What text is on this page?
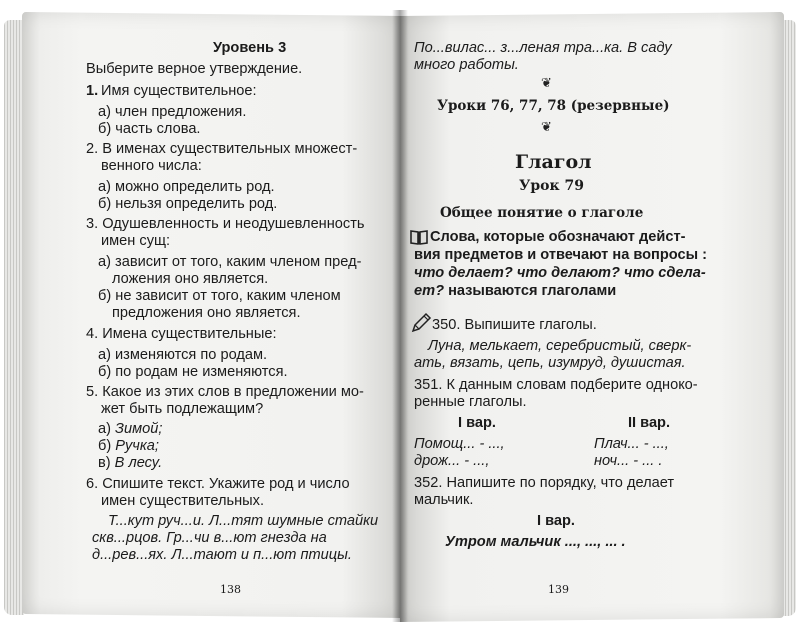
Уровень 3
Выберите верное утверждение.
1. Имя существительное:
а) член предложения.
б) часть слова.
2. В именах существительных множест-
венного числа:
а) можно определить род.
б) нельзя определить род.
3. Одушевленность и неодушевленность
имен сущ:
а) зависит от того, каким членом пред-
ложения оно является.
б) не зависит от того, каким членом
предложения оно является.
4. Имена существительные:
а) изменяются по родам.
б) по родам не изменяются.
5. Какое из этих слов в предложении мо-
жет быть подлежащим?
а) Зимой;
б) Ручка;
в) В лесу.
6. Спишите текст. Укажите род и число
имен существительных.
Т...кут руч...и. Л...тят шумные стайки
скв...рцов. Гр...чи в...ют гнезда на
д...рев...ях. Л...тают и п...ют птицы.
138
По...вилас... з...леная тра...ка. В саду
много работы.
❦
Уроки 76, 77, 78 (резервные)
❦
Глагол
Урок 79
Общее понятие о глаголе
Слова, которые обозначают дейст-
вия предметов и отвечают на вопросы :
что делает? что делают? что сдела-
ет? называются глаголами
350. Выпишите глаголы.
Луна, мелькает, серебристый, сверк-
ать, вязать, цепь, изумруд, душистая.
351. К данным словам подберите однокo-
ренные глаголы.
I вар.	II вар.
Помощ... - ...,	Плач... - ...,
дрож... - ...,	ноч... - ... .
352. Напишите по порядку, что делает
мальчик.
I вар.
Утром мальчик ..., ..., ... .
139
